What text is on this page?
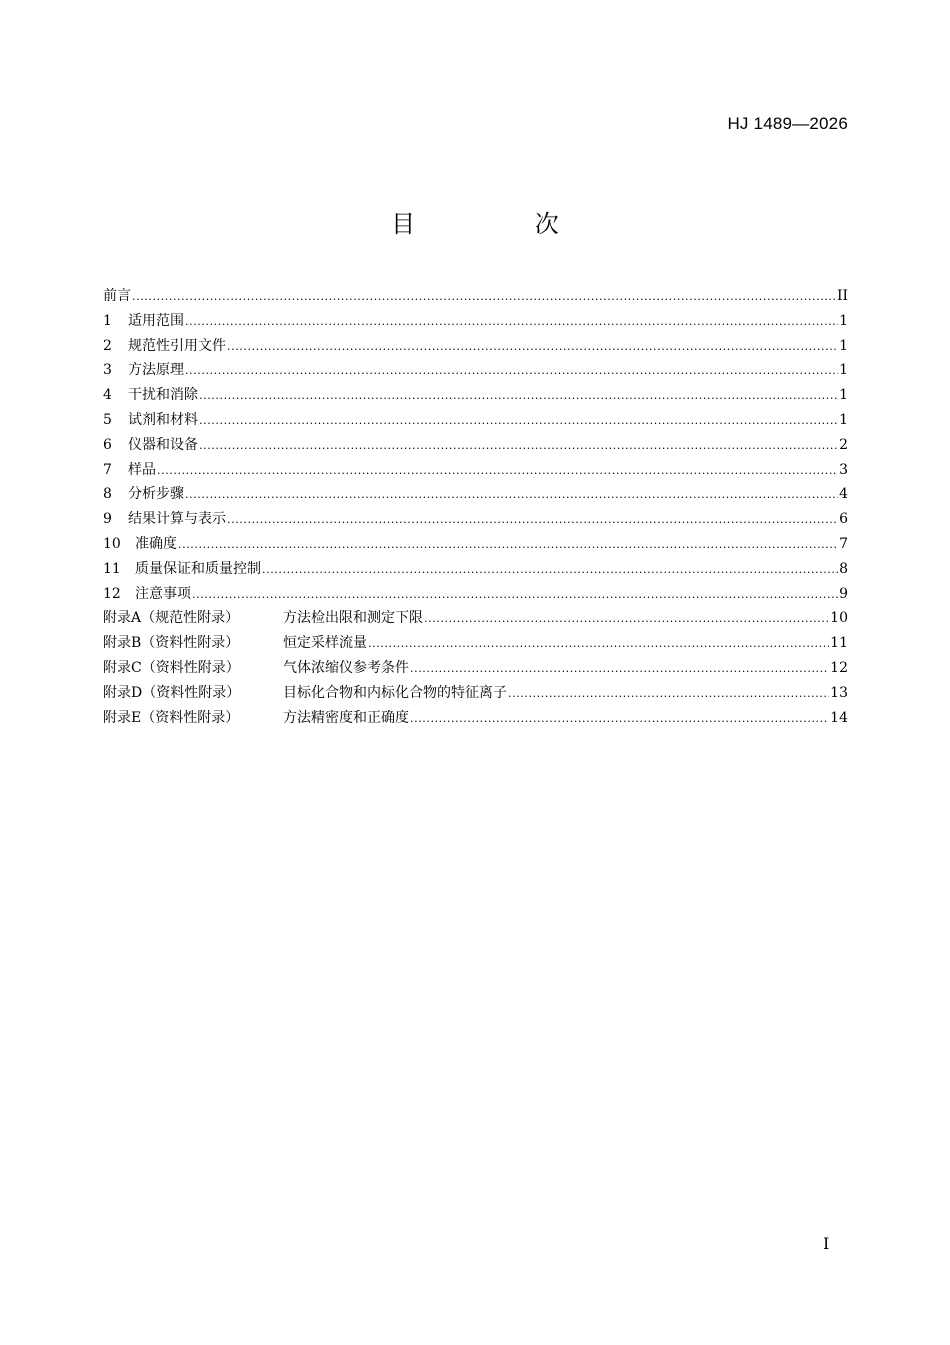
HJ 1489—2026
目 次
前言 .....	II
1	适用范围 .....	1
2	规范性引用文件 .....	1
3	方法原理 .....	1
4	干扰和消除 .....	1
5	试剂和材料 .....	1
6	仪器和设备 .....	2
7	样品 .....	3
8	分析步骤 .....	4
9	结果计算与表示 .....	6
10	准确度 .....	7
11	质量保证和质量控制 .....	8
12	注意事项 .....	9
附录A（规范性附录）	方法检出限和测定下限 .....	10
附录B（资料性附录）	恒定采样流量 .....	11
附录C（资料性附录）	气体浓缩仪参考条件 .....	12
附录D（资料性附录）	目标化合物和内标化合物的特征离子 .....	13
附录E（资料性附录）	方法精密度和正确度 .....	14
I
